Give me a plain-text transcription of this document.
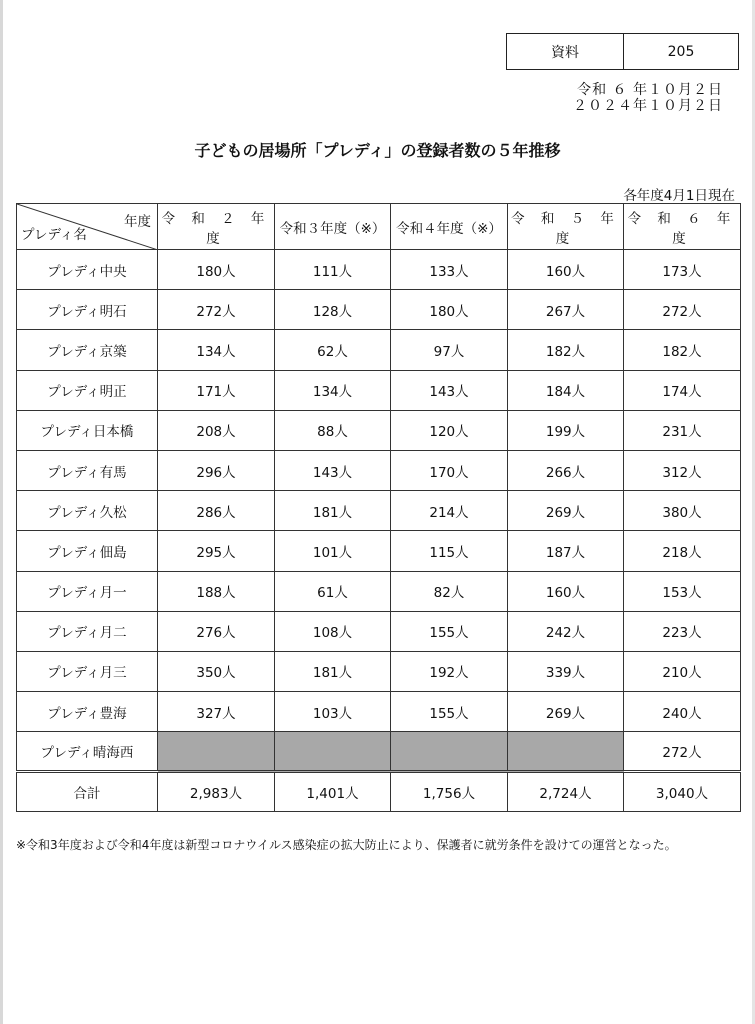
資料	205
令和 ６ 年１０月２日
２０２４年１０月２日
子どもの居場所「プレディ」の登録者数の５年推移
各年度4月1日現在
年度
プレディ名	令 和 ２ 年 度	令和３年度（※）	令和４年度（※）	令 和 ５ 年 度	令 和 ６ 年 度
プレディ中央	180人	111人	133人	160人	173人
プレディ明石	272人	128人	180人	267人	272人
プレディ京築	134人	62人	97人	182人	182人
プレディ明正	171人	134人	143人	184人	174人
プレディ日本橋	208人	88人	120人	199人	231人
プレディ有馬	296人	143人	170人	266人	312人
プレディ久松	286人	181人	214人	269人	380人
プレディ佃島	295人	101人	115人	187人	218人
プレディ月一	188人	61人	82人	160人	153人
プレディ月二	276人	108人	155人	242人	223人
プレディ月三	350人	181人	192人	339人	210人
プレディ豊海	327人	103人	155人	269人	240人
プレディ晴海西					272人
合計	2,983人	1,401人	1,756人	2,724人	3,040人
※令和3年度および令和4年度は新型コロナウイルス感染症の拡大防止により、保護者に就労条件を設けての運営となった。
